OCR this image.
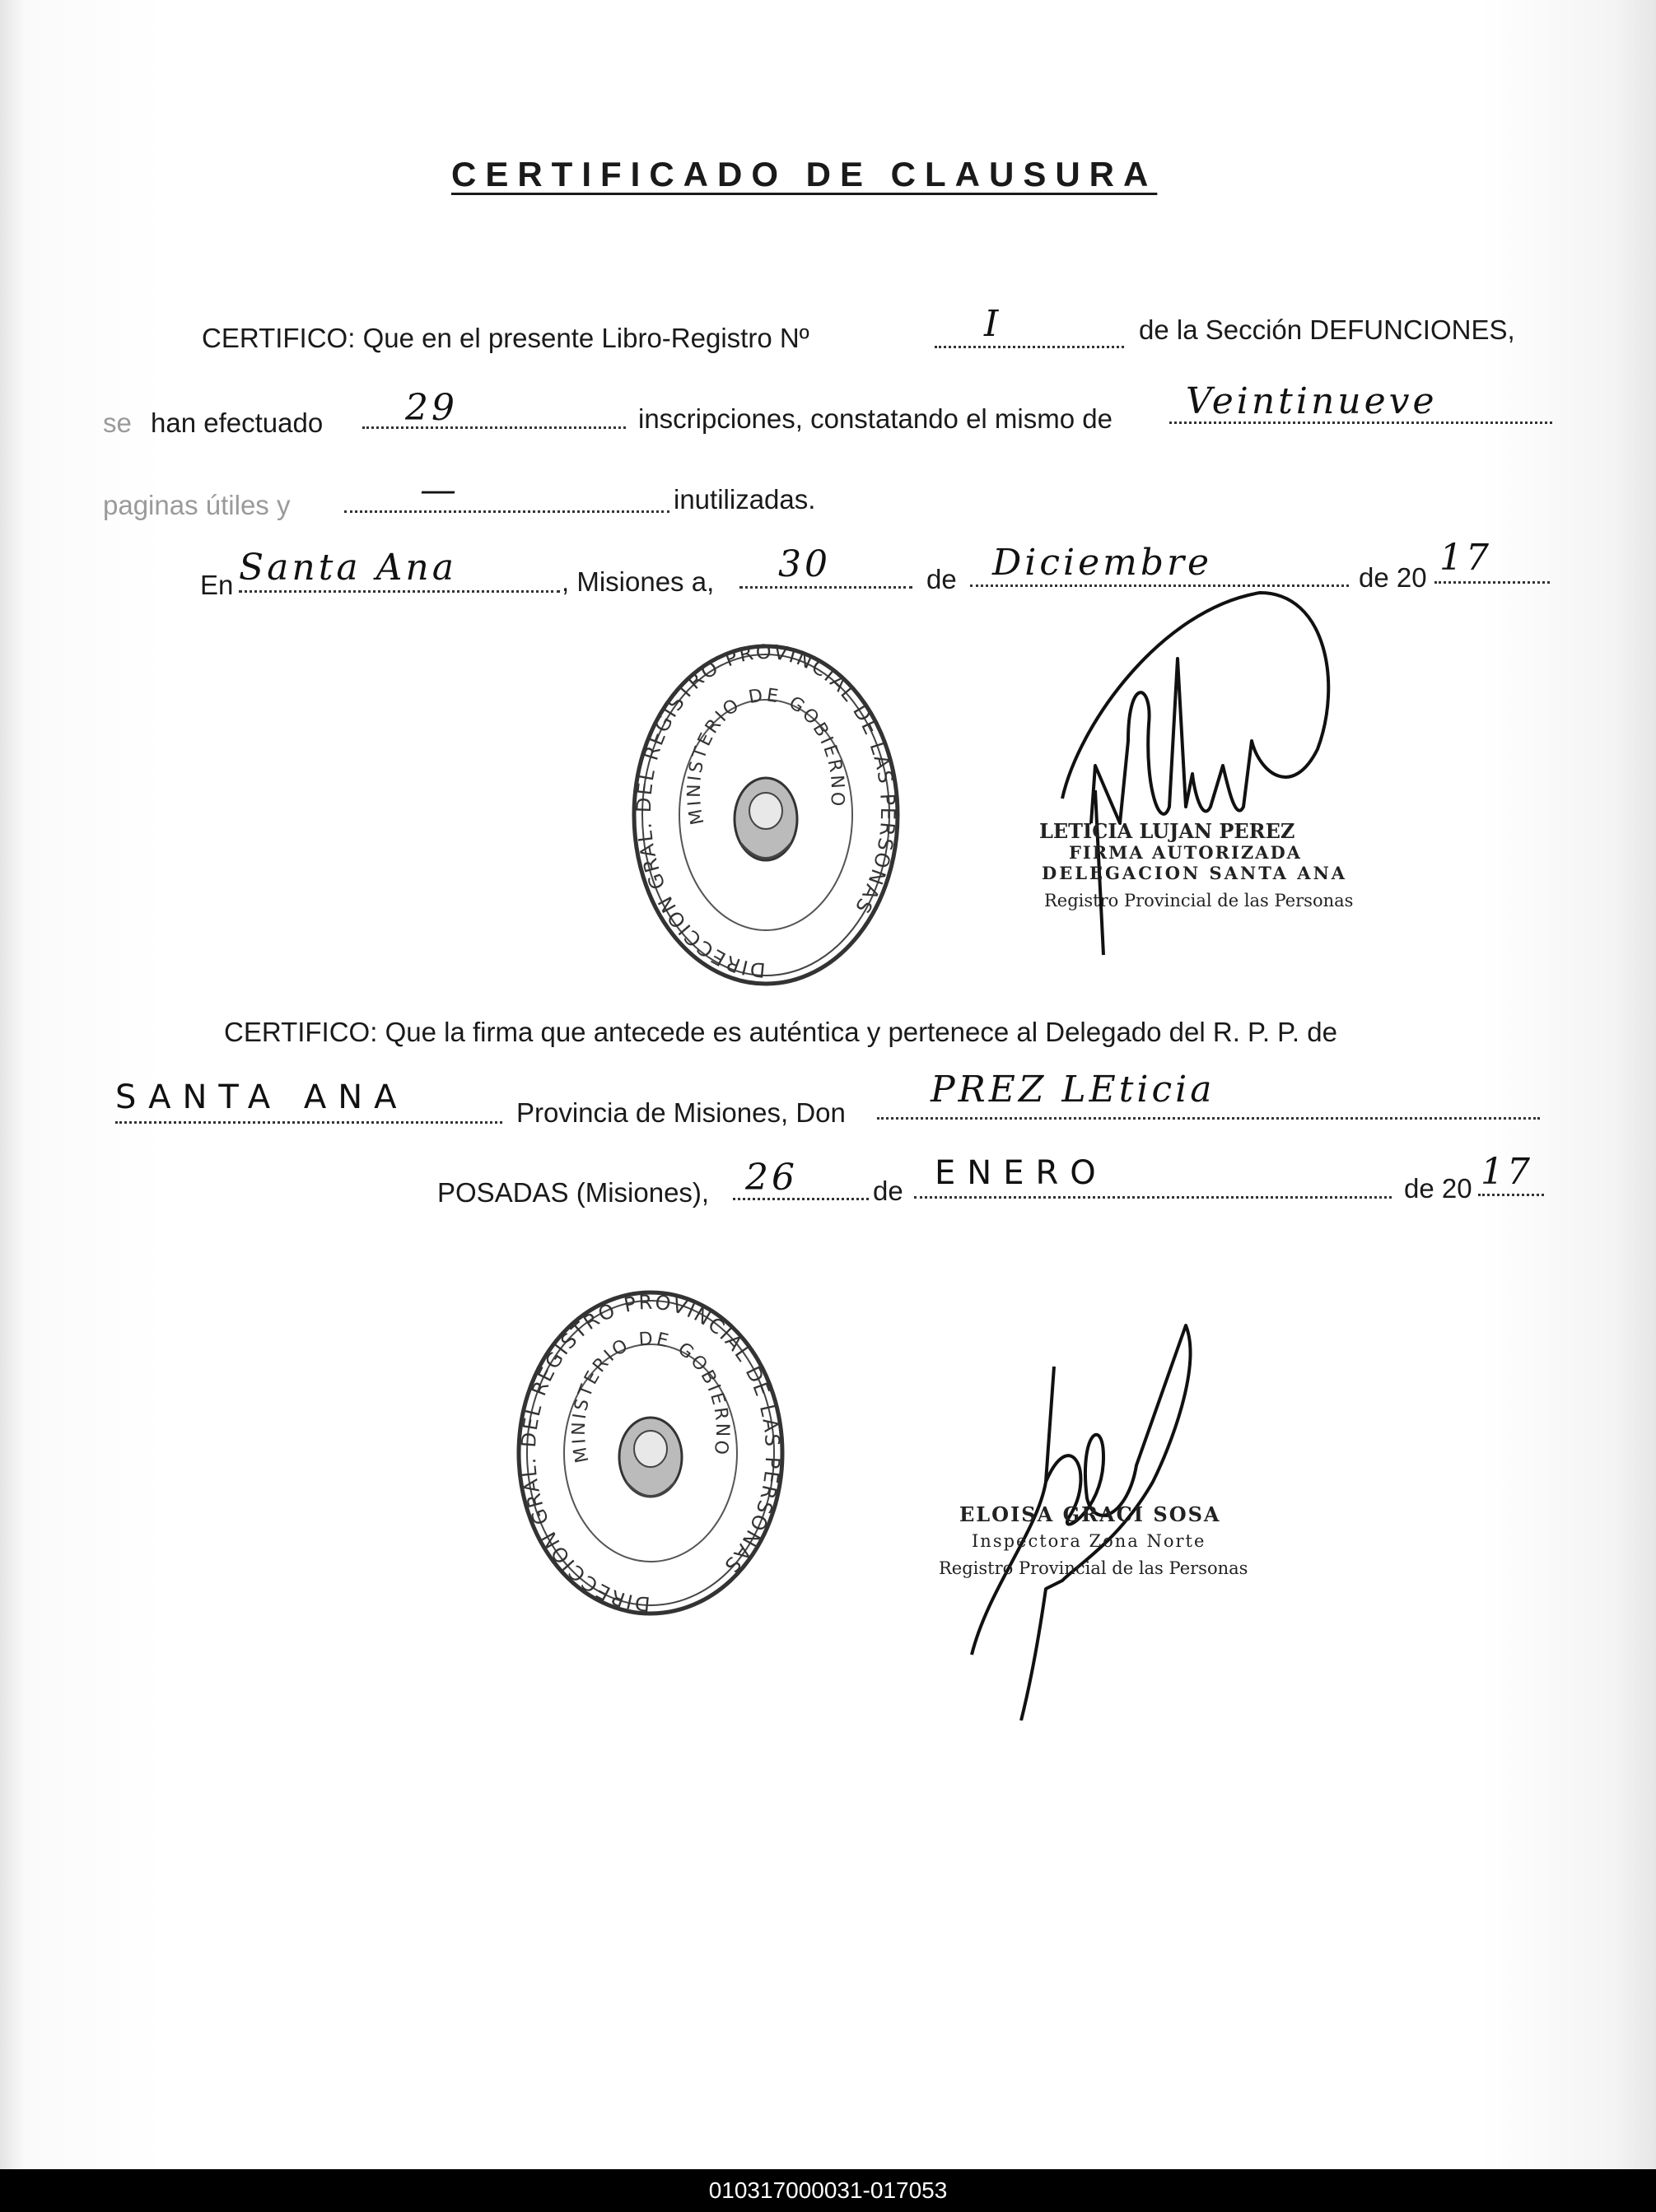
CERTIFICADO DE CLAUSURA
CERTIFICO: Que en el presente Libro-Registro Nº	I	de la Sección DEFUNCIONES,
se han efectuado 29	inscripciones, constatando el mismo de Veintinueve
paginas útiles y	—	inutilizadas.
En Santa Ana	, Misiones a, 30	de Diciembre	de 20 17
DIRECCION GRAL. DEL REGISTRO PROVINCIAL DE LAS PERSONAS
MINISTERIO DE GOBIERNO
LETICIA LUJAN PEREZ
FIRMA AUTORIZADA
DELEGACION SANTA ANA
Registro Provincial de las Personas
CERTIFICO: Que la firma que antecede es auténtica y pertenece al Delegado del R. P. P. de
SANTA ANA	Provincia de Misiones, Don
PREZ LEticia
POSADAS (Misiones), 26	de ENERO	de 20 17
DIRECCION GRAL. DEL REGISTRO PROVINCIAL DE LAS PERSONAS
MINISTERIO DE GOBIERNO
ELOISA GRACI SOSA
Inspectora Zona Norte
Registro Provincial de las Personas
010317000031-017053
